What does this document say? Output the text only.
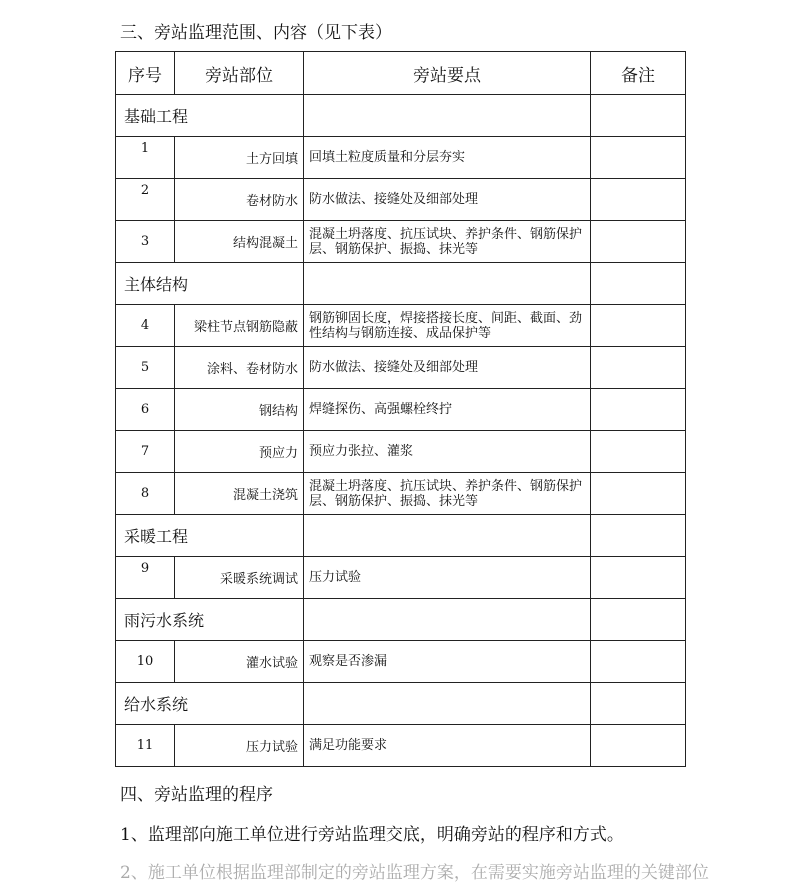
三、旁站监理范围、内容（见下表）
序号	旁站部位	旁站要点	备注
基础工程			
1	土方回填	回填土粒度质量和分层夯实	
2	卷材防水	防水做法、接缝处及细部处理	
3	结构混凝土	混凝土坍落度、抗压试块、养护条件、钢筋保护层、钢筋保护、振捣、抹光等	
主体结构			
4	梁柱节点钢筋隐蔽	钢筋铆固长度，焊接搭接长度、间距、截面、劲性结构与钢筋连接、成品保护等	
5	涂料、卷材防水	防水做法、接缝处及细部处理	
6	钢结构	焊缝探伤、高强螺栓终拧	
7	预应力	预应力张拉、灌浆	
8	混凝土浇筑	混凝土坍落度、抗压试块、养护条件、钢筋保护层、钢筋保护、振捣、抹光等	
采暖工程			
9	采暖系统调试	压力试验	
雨污水系统			
10	灌水试验	观察是否渗漏	
给水系统			
11	压力试验	满足功能要求	
四、旁站监理的程序
1、监理部向施工单位进行旁站监理交底，明确旁站的程序和方式。
2、施工单位根据监理部制定的旁站监理方案，在需要实施旁站监理的关键部位
